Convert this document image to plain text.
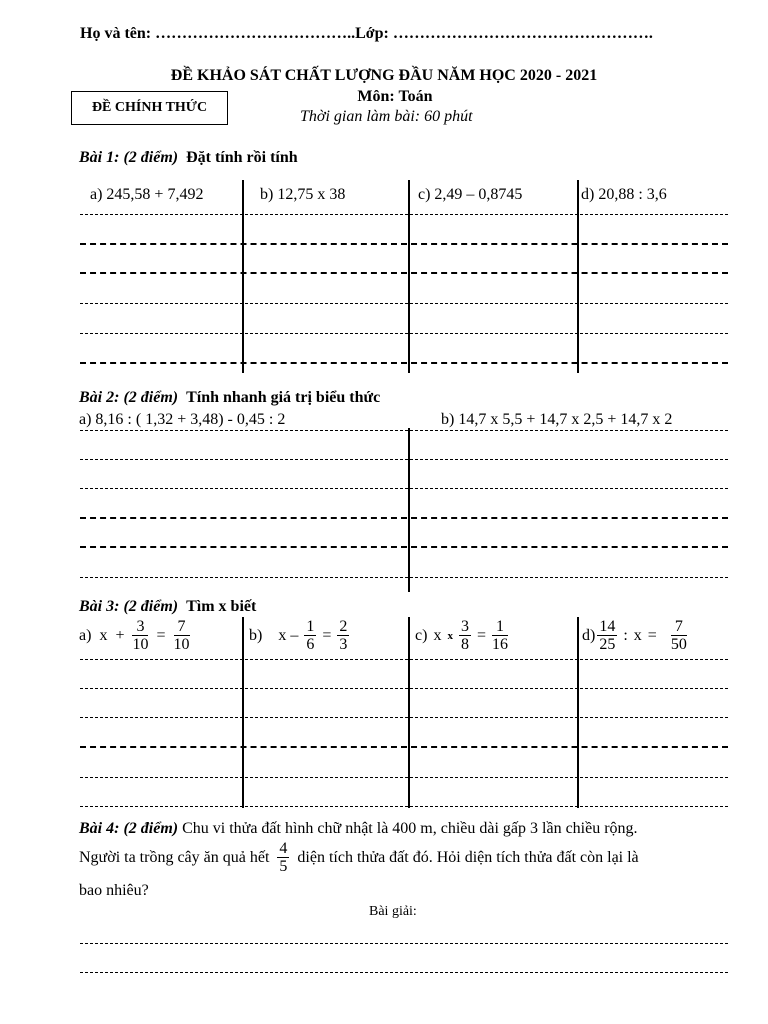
Họ và tên: ………………………………..Lớp: ………………………………………….
ĐỀ KHẢO SÁT CHẤT LƯỢNG ĐẦU NĂM HỌC 2020 - 2021
Môn: Toán
ĐỀ CHÍNH THỨC
Thời gian làm bài: 60 phút
Bài 1: (2 điểm) Đặt tính rồi tính
a) 245,58 + 7,492	b) 12,75 x 38	c) 2,49 – 0,8745	d) 20,88 : 3,6
Bài 2: (2 điểm) Tính nhanh giá trị biểu thức
a) 8,16 : ( 1,32 + 3,48) - 0,45 : 2	b) 14,7 x 5,5 + 14,7 x 2,5 + 14,7 x 2
Bài 3: (2 điểm) Tìm x biết
a) $x + \frac{3}{10} = \frac{7}{10}$	b) $x - \frac{1}{6} = \frac{2}{3}$	c) x x $\frac{3}{8} = \frac{1}{16}$	$d) \frac{14}{25}$ : $x = \frac{7}{50}$
Bài 4: (2 điểm) Chu vi thửa đất hình chữ nhật là 400 m, chiều dài gấp 3 lần chiều rộng.
Người ta trồng cây ăn quả hết $\frac{4}{5}$ diện tích thửa đất đó. Hỏi diện tích thửa đất còn lại là
bao nhiêu?
Bài giải:
